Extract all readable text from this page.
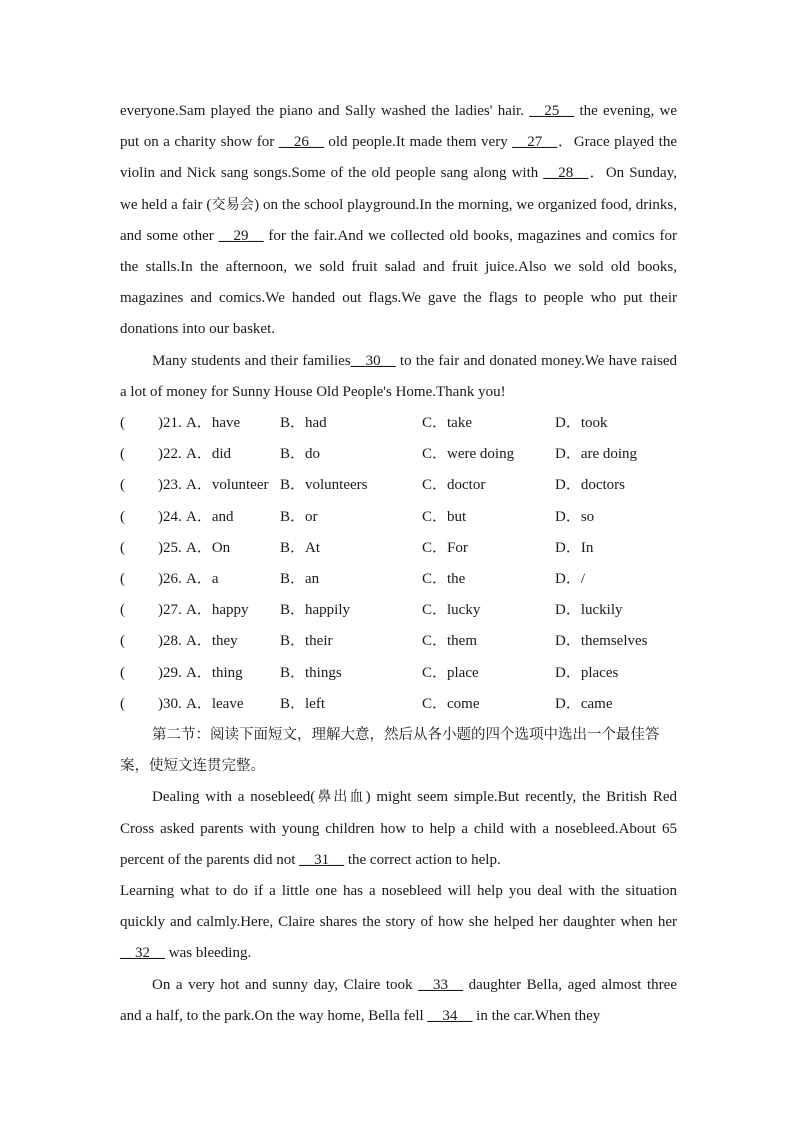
everyone.Sam played the piano and Sally washed the ladies' hair. __25__ the evening, we put on a charity show for __26__ old people.It made them very __27__．Grace played the violin and Nick sang songs.Some of the old people sang along with __28__．On Sunday, we held a fair (交易会) on the school playground.In the morning, we organized food, drinks, and some other __29__ for the fair.And we collected old books, magazines and comics for the stalls.In the afternoon, we sold fruit salad and fruit juice.Also we sold old books, magazines and comics.We handed out flags.We gave the flags to people who put their donations into our basket.

Many students and their families__30__ to the fair and donated money.We have raised a lot of money for Sunny House Old People's Home.Thank you!

( )21. A．have	B．had	C．take	D．took
( )22. A．did	B．do	C．were doing	D．are doing
( )23. A．volunteer B．volunteers	C．doctor	D．doctors
( )24. A．and	B．or	C．but	D．so
( )25. A．On	B．At	C．For	D．In
( )26. A．a	B．an	C．the	D．/
( )27. A．happy B．happily	C．lucky	D．luckily
( )28. A．they	B．their	C．them	D．themselves
( )29. A．thing B．things	C．place	D．places
( )30. A．leave B．left	C．come	D．came

第二节：阅读下面短文，理解大意，然后从各小题的四个选项中选出一个最佳答案，使短文连贯完整。

Dealing with a nosebleed(鼻出血) might seem simple.But recently, the British Red Cross asked parents with young children how to help a child with a nosebleed.About 65 percent of the parents did not __31__ the correct action to help.

Learning what to do if a little one has a nosebleed will help you deal with the situation quickly and calmly.Here, Claire shares the story of how she helped her daughter when her __32__ was bleeding.

On a very hot and sunny day, Claire took __33__ daughter Bella, aged almost three and a half, to the park.On the way home, Bella fell __34__ in the car.When they
